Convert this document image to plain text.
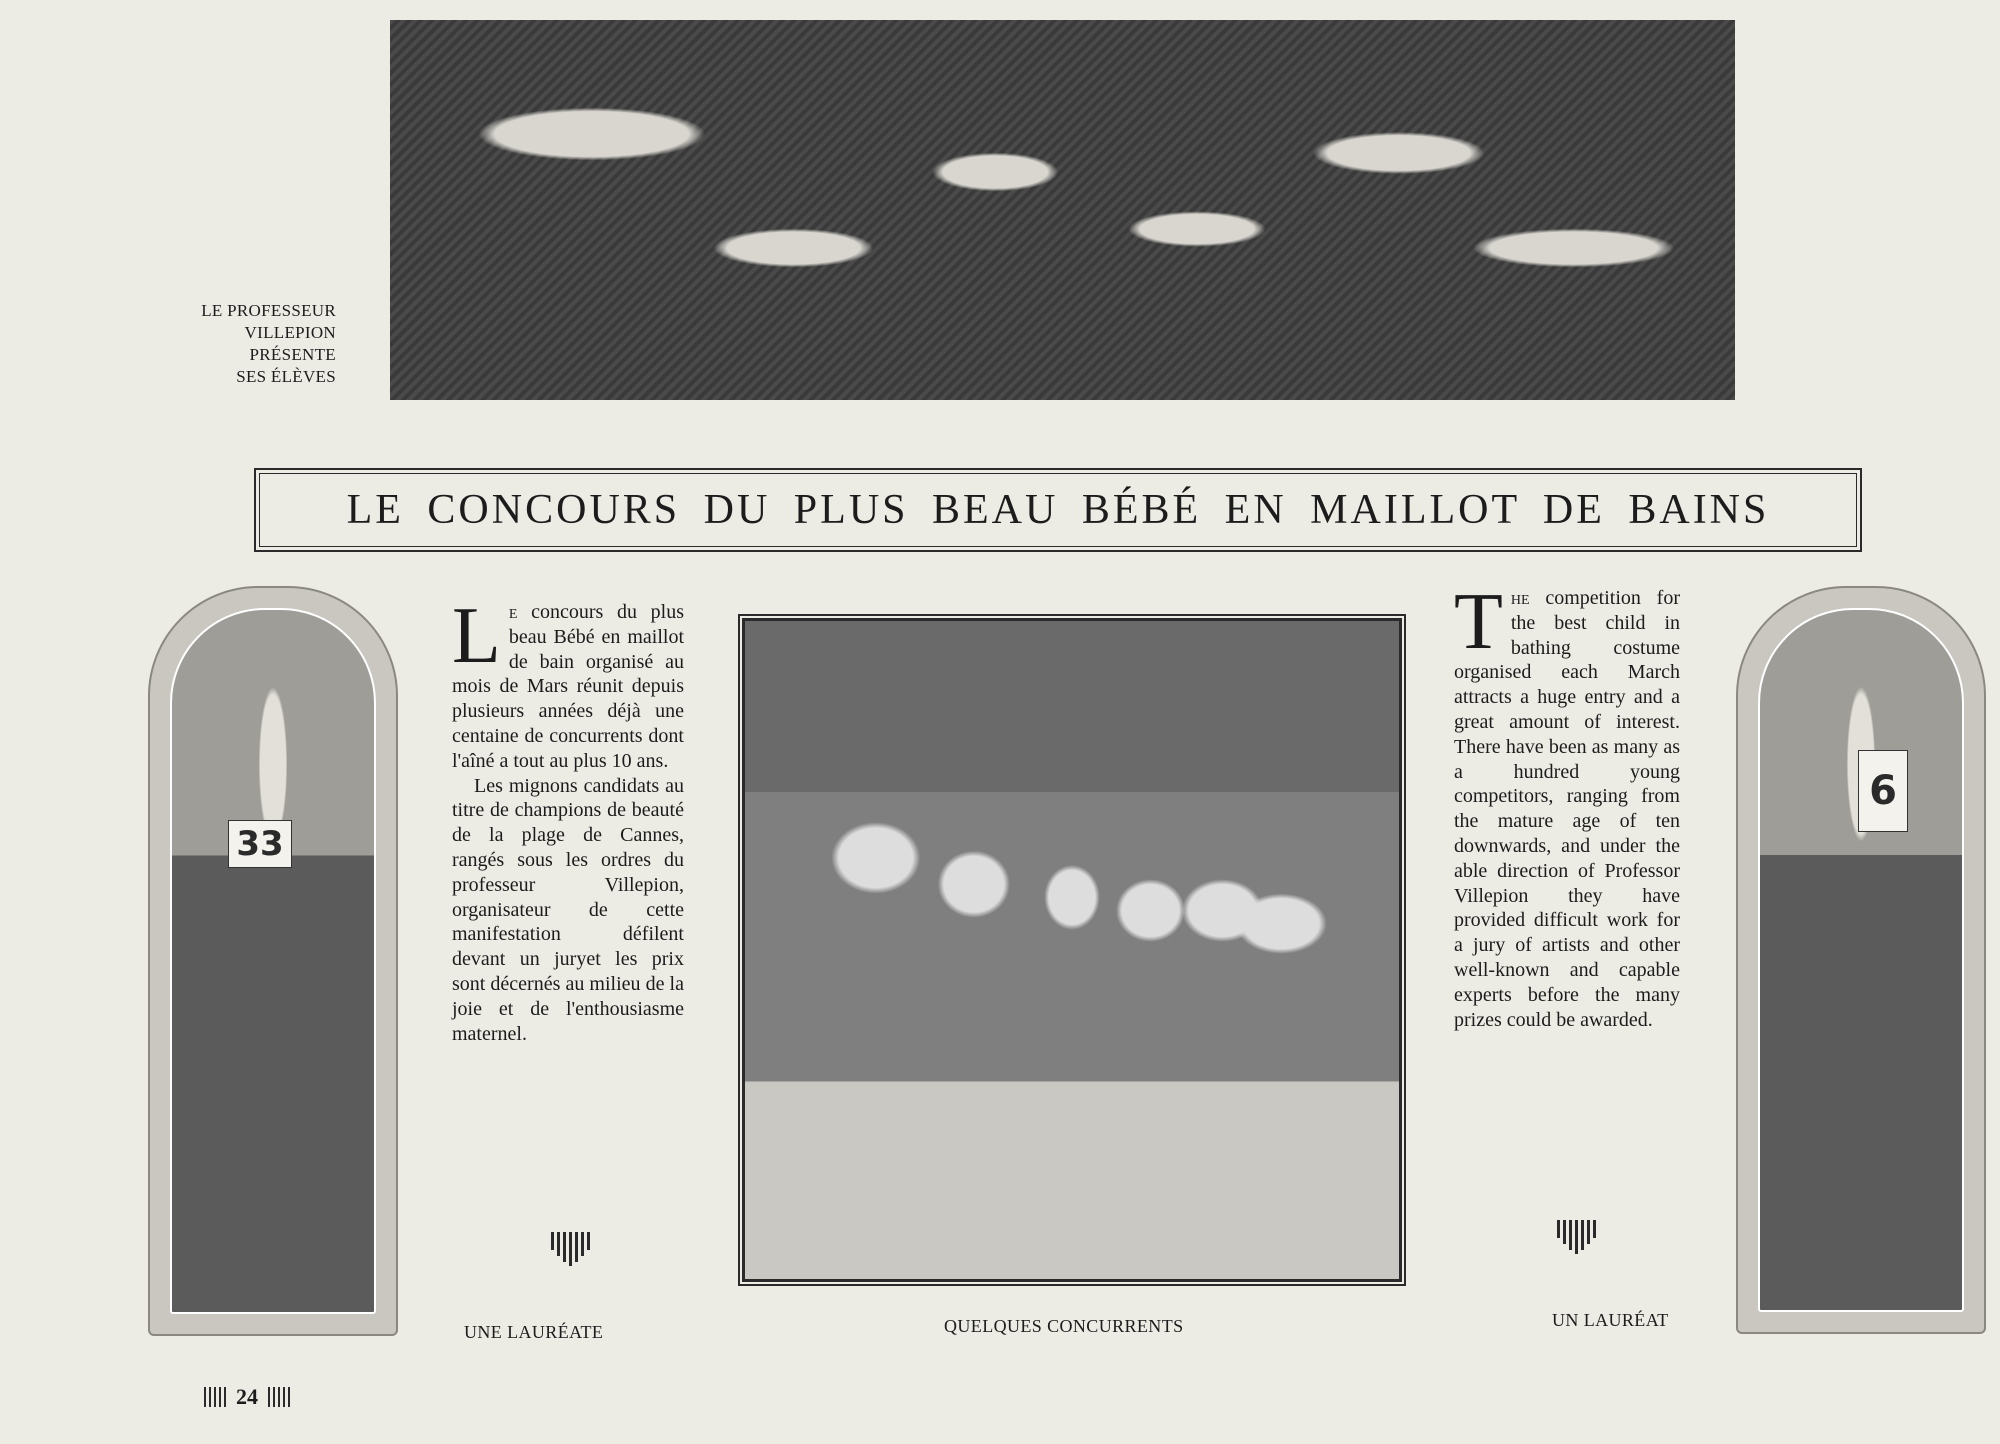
LE PROFESSEUR
VILLEPION
PRÉSENTE
SES ÉLÈVES
LE CONCOURS DU PLUS BEAU BÉBÉ EN MAILLOT DE BAINS
33

Le concours du plus beau Bébé en maillot de bain organisé au mois de Mars réunit depuis plusieurs années déjà une centaine de concurrents dont l'aîné a tout au plus 10 ans.

Les mignons candidats au titre de champions de beauté de la plage de Cannes, rangés sous les ordres du professeur Villepion, organisateur de cette manifestation défilent devant un juryet les prix sont décernés au milieu de la joie et de l'enthousiasme maternel.

The competition for the best child in bathing costume organised each March attracts a huge entry and a great amount of interest. There have been as many as a hundred young competitors, ranging from the mature age of ten downwards, and under the able direction of Professor Villepion they have provided difficult work for a jury of artists and other well-known and capable experts before the many prizes could be awarded.

6
UNE LAURÉATE	QUELQUES CONCURRENTS	UN LAURÉAT
24
